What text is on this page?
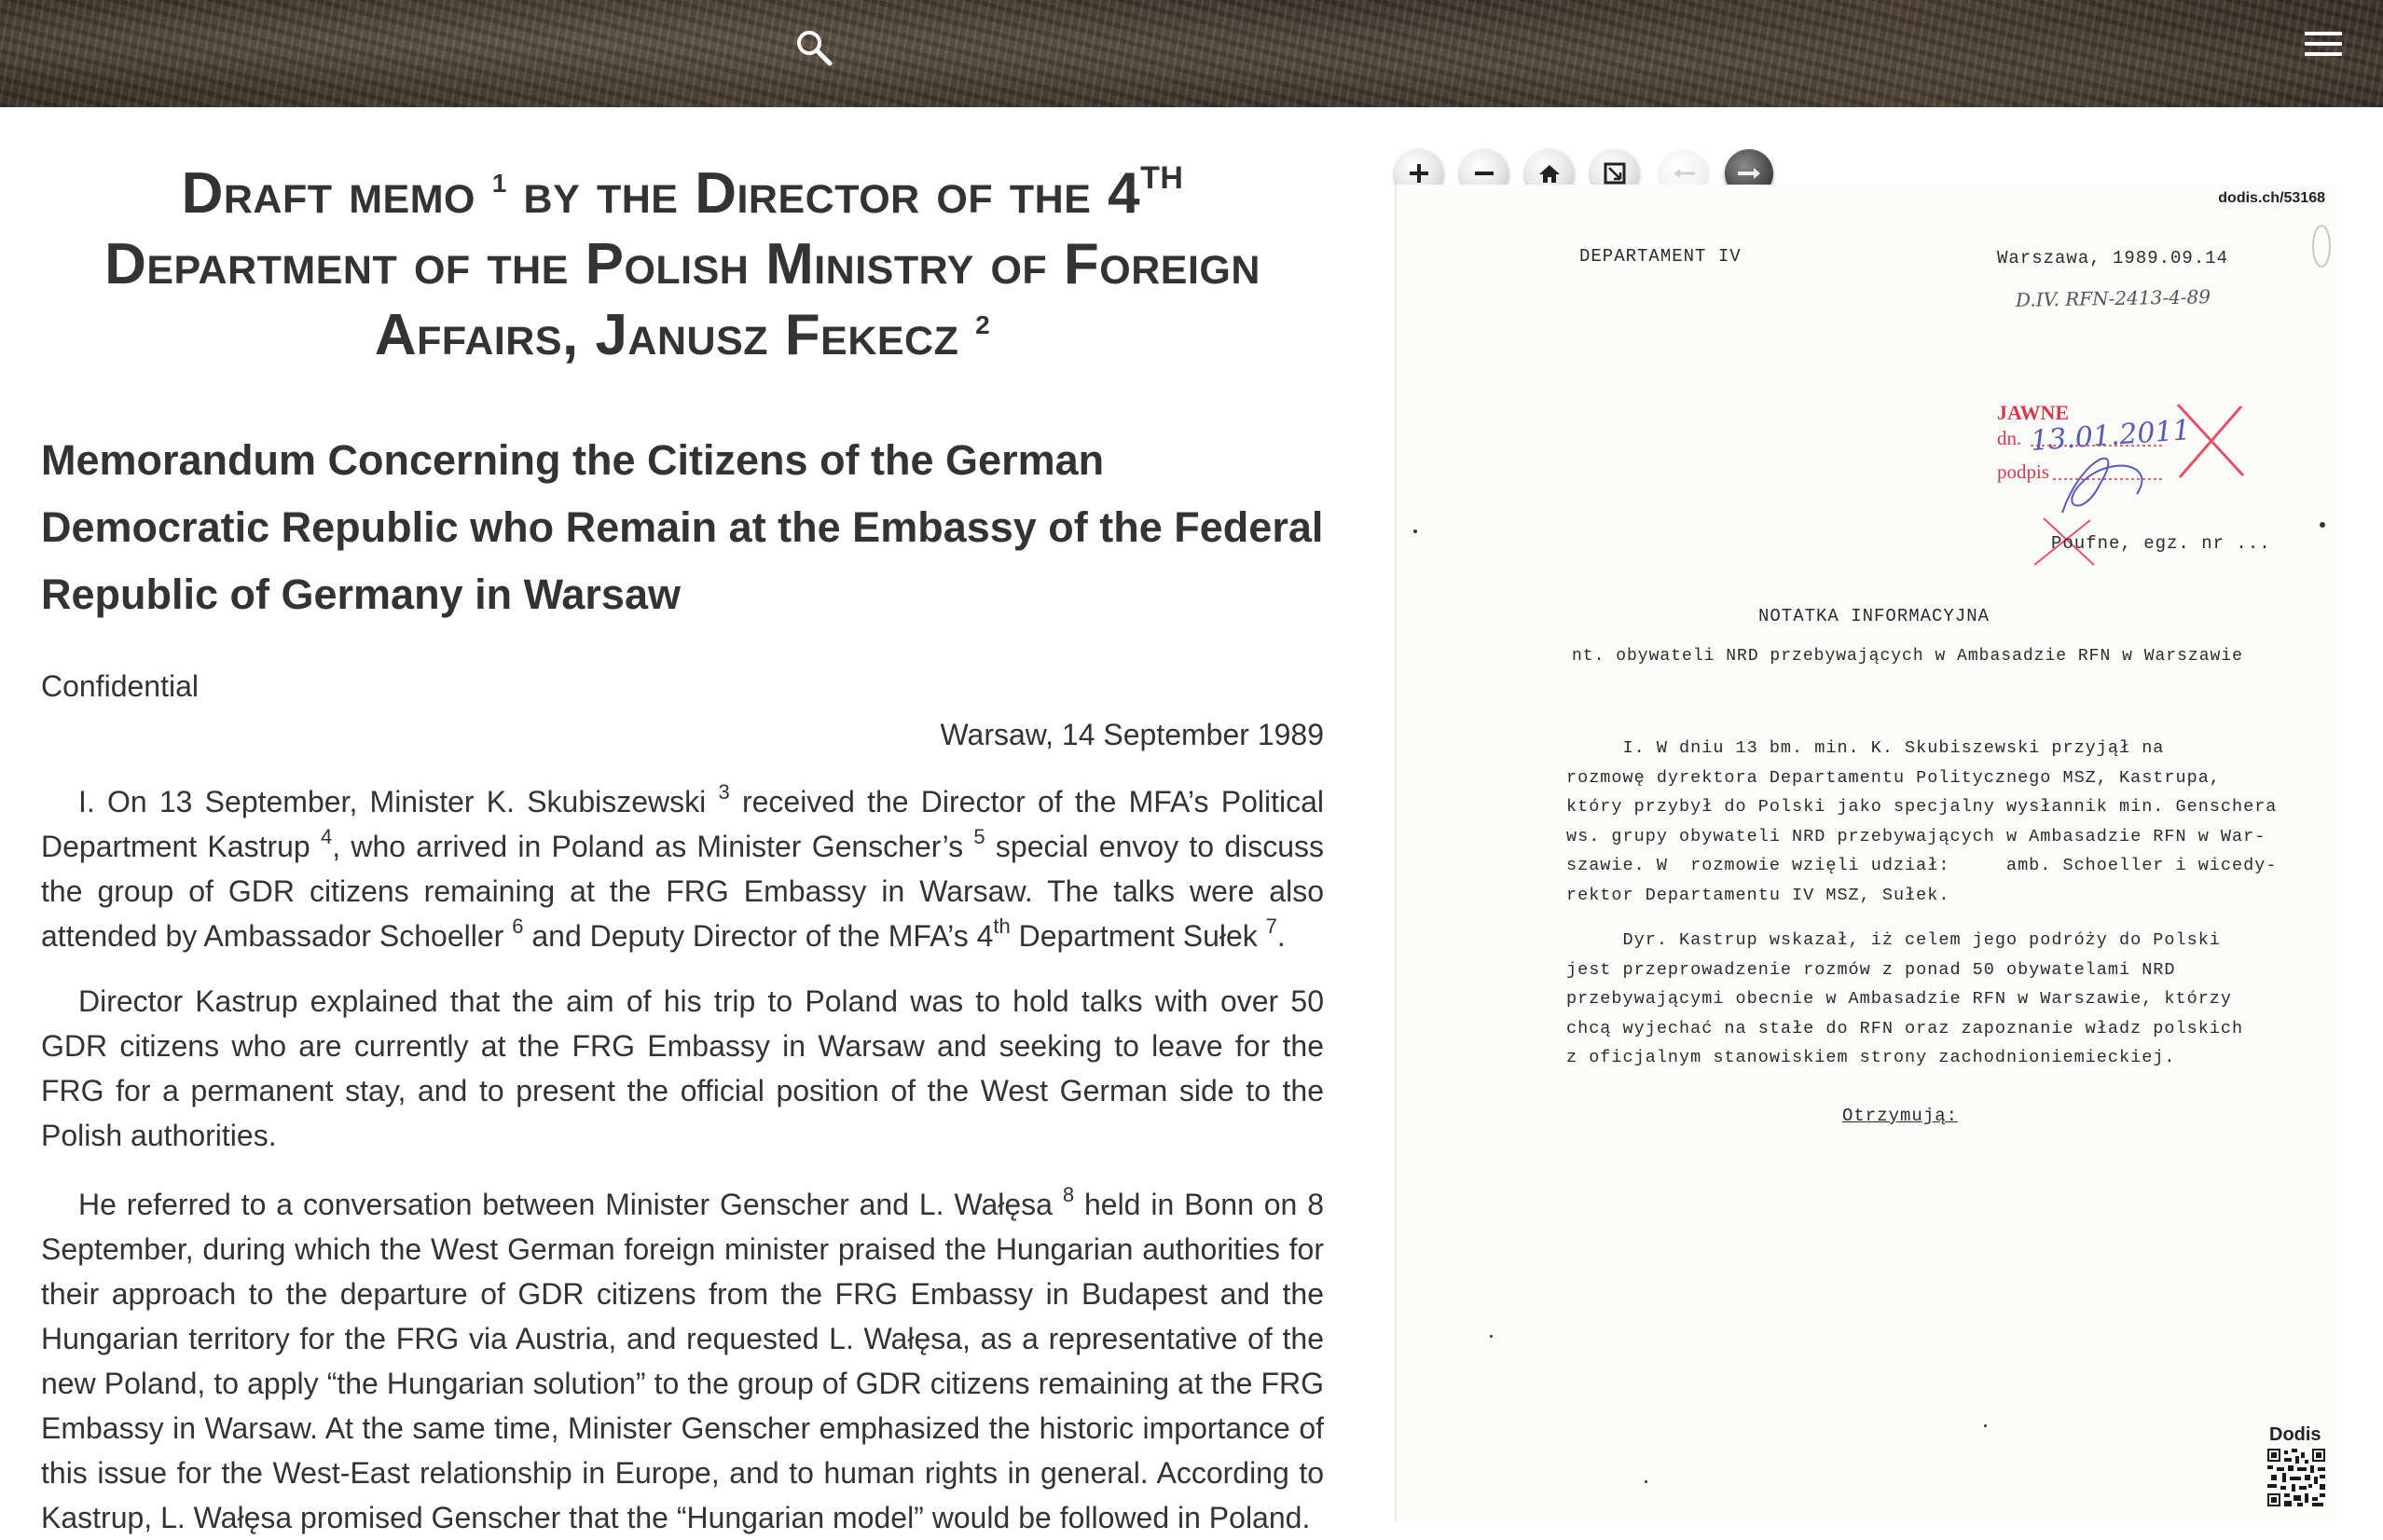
Draft memo $^1$ by the Director of the 4TH Department of the Polish Ministry of Foreign Affairs, Janusz Fekecz $^2$
Memorandum Concerning the Citizens of the German Democratic Republic who Remain at the Embassy of the Federal Republic of Germany in Warsaw
Confidential
Warsaw, 14 September 1989

I. On 13 September, Minister K. Skubiszewski $^3$ received the Director of the MFA’s Political Department Kastrup $^4$, who arrived in Poland as Minister Genscher’s $^5$ special envoy to discuss the group of GDR citizens remaining at the FRG Embassy in Warsaw. The talks were also attended by Ambassador Schoeller $^6$ and Deputy Director of the MFA’s 4th Department Sułek $^7$.

Director Kastrup explained that the aim of his trip to Poland was to hold talks with over 50 GDR citizens who are currently at the FRG Embassy in Warsaw and seeking to leave for the FRG for a permanent stay, and to present the official position of the West German side to the Polish authorities.

He referred to a conversation between Minister Genscher and L. Wałęsa $^8$ held in Bonn on 8 September, during which the West German foreign minister praised the Hungarian authorities for their approach to the departure of GDR citizens from the FRG Embassy in Budapest and the Hungarian territory for the FRG via Austria, and requested L. Wałęsa, as a representative of the new Poland, to apply “the Hungarian solution” to the group of GDR citizens remaining at the FRG Embassy in Warsaw. At the same time, Minister Genscher emphasized the historic importance of this issue for the West-East relationship in Europe, and to human rights in general. According to Kastrup, L. Wałęsa promised Genscher that the “Hungarian model” would be followed in Poland.

dodis.ch/53168
DEPARTAMENT IV	Warszawa, 1989.09.14
D.IV. RFN-2413-4-89
JAWNE
dn. 13.01.2011
podpis
Poufne, egz. nr ...
NOTATKA INFORMACYJNA
nt. obywateli NRD przebywających w Ambasadzie RFN w Warszawie
I. W dniu 13 bm. min. K. Skubiszewski przyjął na
rozmowę dyrektora Departamentu Politycznego MSZ, Kastrupa,
który przybył do Polski jako specjalny wysłannik min. Genschera
ws. grupy obywateli NRD przebywających w Ambasadzie RFN w War-
szawie. W  rozmowie wzięli udział:     amb. Schoeller i wicedy-
rektor Departamentu IV MSZ, Sułek.
Dyr. Kastrup wskazał, iż celem jego podróży do Polski
jest przeprowadzenie rozmów z ponad 50 obywatelami NRD
przebywającymi obecnie w Ambasadzie RFN w Warszawie, którzy
chcą wyjechać na stałe do RFN oraz zapoznanie władz polskich
z oficjalnym stanowiskiem strony zachodnioniemieckiej.
Otrzymują:
Dodis
